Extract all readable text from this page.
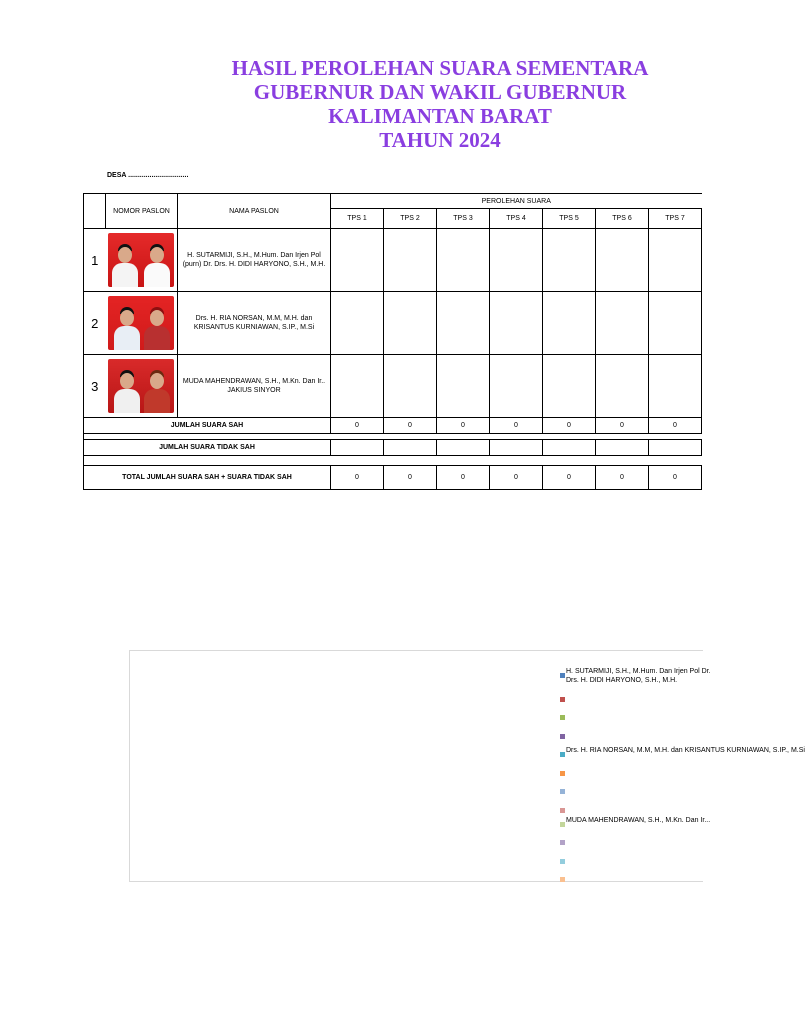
HASIL PEROLEHAN SUARA SEMENTARA
GUBERNUR DAN WAKIL GUBERNUR
KALIMANTAN BARAT
TAHUN 2024
DESA ...............................
	NOMOR PASLON	NAMA PASLON	PEROLEHAN SUARA						
			TPS 1	TPS 2	TPS 3	TPS 4	TPS 5	TPS 6	TPS 7
1		H. SUTARMIJI, S.H., M.Hum. Dan Irjen Pol (purn) Dr. Drs. H. DIDI HARYONO, S.H., M.H.							
2		Drs. H. RIA NORSAN, M.M, M.H. dan KRISANTUS KURNIAWAN, S.IP., M.Si							
3		MUDA MAHENDRAWAN, S.H., M.Kn. Dan Ir.. JAKIUS SINYOR							
JUMLAH SUARA SAH			0	0	0	0	0	0	0

JUMLAH SUARA TIDAK SAH									

TOTAL JUMLAH SUARA SAH + SUARA TIDAK SAH			0	0	0	0	0	0	0
H. SUTARMIJI, S.H., M.Hum. Dan Irjen Pol Dr. Drs. H. DIDI HARYONO, S.H., M.H.
Drs. H. RIA NORSAN, M.M, M.H. dan KRISANTUS KURNIAWAN, S.IP., M.Si
MUDA MAHENDRAWAN, S.H., M.Kn. Dan Ir...
